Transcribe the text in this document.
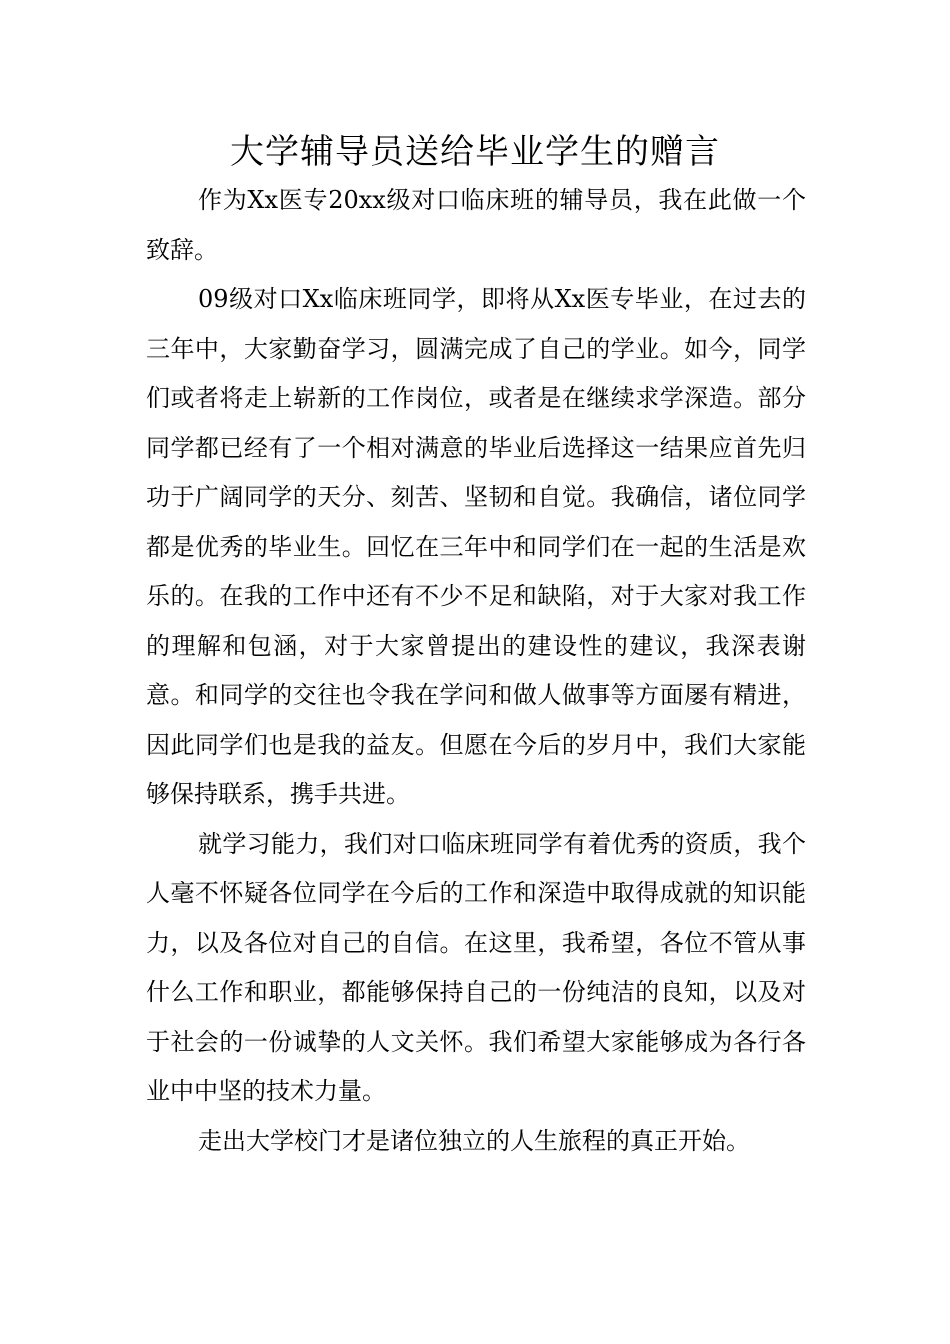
大学辅导员送给毕业学生的赠言

作为Xx医专20xx级对口临床班的辅导员，我在此做一个致辞。

09级对口Xx临床班同学，即将从Xx医专毕业，在过去的三年中，大家勤奋学习，圆满完成了自己的学业。如今，同学们或者将走上崭新的工作岗位，或者是在继续求学深造。部分同学都已经有了一个相对满意的毕业后选择这一结果应首先归功于广阔同学的天分、刻苦、坚韧和自觉。我确信，诸位同学都是优秀的毕业生。回忆在三年中和同学们在一起的生活是欢乐的。在我的工作中还有不少不足和缺陷，对于大家对我工作的理解和包涵，对于大家曾提出的建设性的建议，我深表谢意。和同学的交往也令我在学问和做人做事等方面屡有精进，因此同学们也是我的益友。但愿在今后的岁月中，我们大家能够保持联系，携手共进。

就学习能力，我们对口临床班同学有着优秀的资质，我个人毫不怀疑各位同学在今后的工作和深造中取得成就的知识能力，以及各位对自己的自信。在这里，我希望，各位不管从事什么工作和职业，都能够保持自己的一份纯洁的良知，以及对于社会的一份诚挚的人文关怀。我们希望大家能够成为各行各业中中坚的技术力量。

走出大学校门才是诸位独立的人生旅程的真正开始。
